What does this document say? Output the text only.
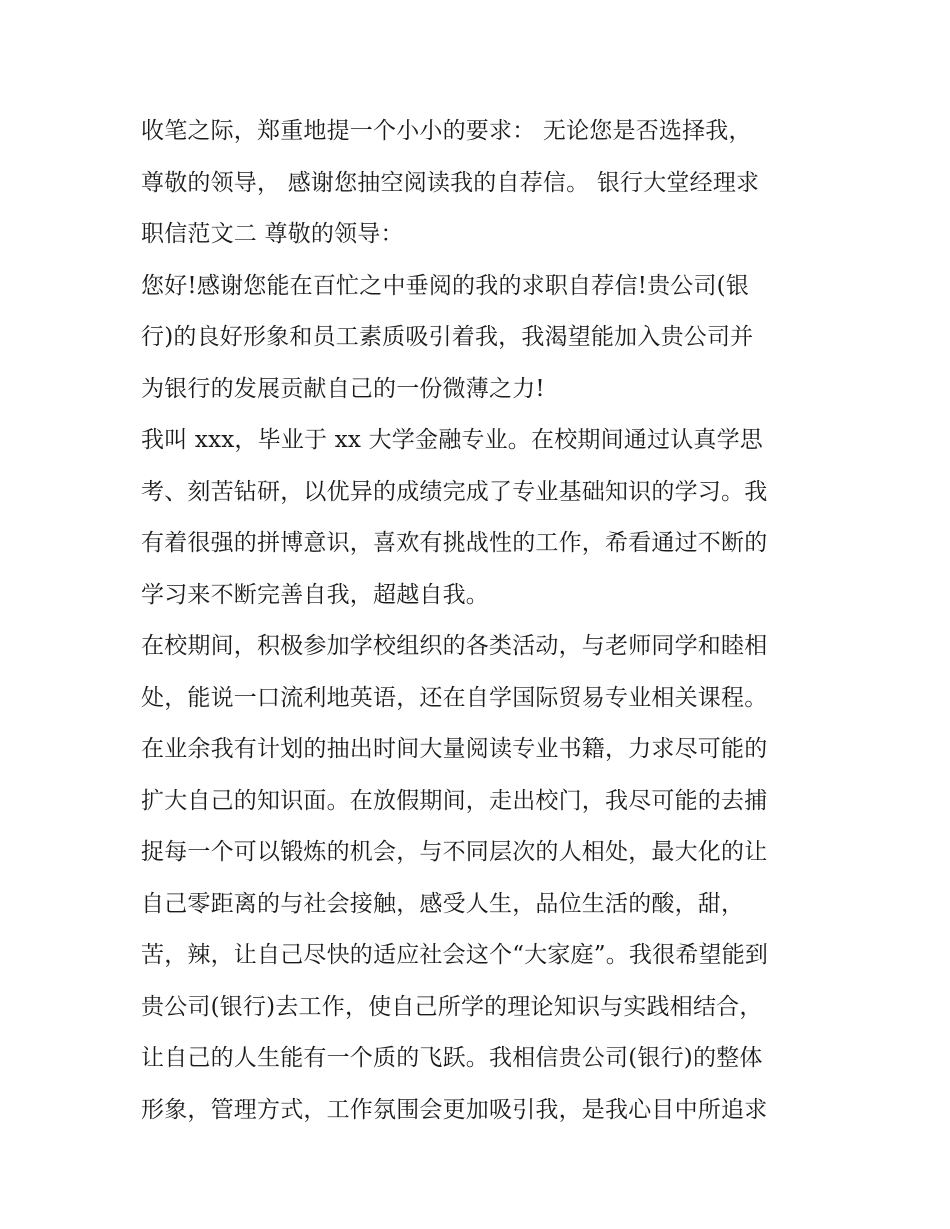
收笔之际，郑重地提一个小小的要求： 无论您是否选择我，
尊敬的领导， 感谢您抽空阅读我的自荐信。 银行大堂经理求
职信范文二 尊敬的领导：
您好!感谢您能在百忙之中垂阅的我的求职自荐信!贵公司(银
行)的良好形象和员工素质吸引着我，我渴望能加入贵公司并
为银行的发展贡献自己的一份微薄之力!
我叫 xxx，毕业于 xx 大学金融专业。在校期间通过认真学思
考、刻苦钻研，以优异的成绩完成了专业基础知识的学习。我
有着很强的拼博意识，喜欢有挑战性的工作，希看通过不断的
学习来不断完善自我，超越自我。
在校期间，积极参加学校组织的各类活动，与老师同学和睦相
处，能说一口流利地英语，还在自学国际贸易专业相关课程。
在业余我有计划的抽出时间大量阅读专业书籍，力求尽可能的
扩大自己的知识面。在放假期间，走出校门，我尽可能的去捕
捉每一个可以锻炼的机会，与不同层次的人相处，最大化的让
自己零距离的与社会接触，感受人生，品位生活的酸，甜，
苦，辣，让自己尽快的适应社会这个“大家庭”。我很希望能到
贵公司(银行)去工作，使自己所学的理论知识与实践相结合，
让自己的人生能有一个质的飞跃。我相信贵公司(银行)的整体
形象，管理方式，工作氛围会更加吸引我，是我心目中所追求
